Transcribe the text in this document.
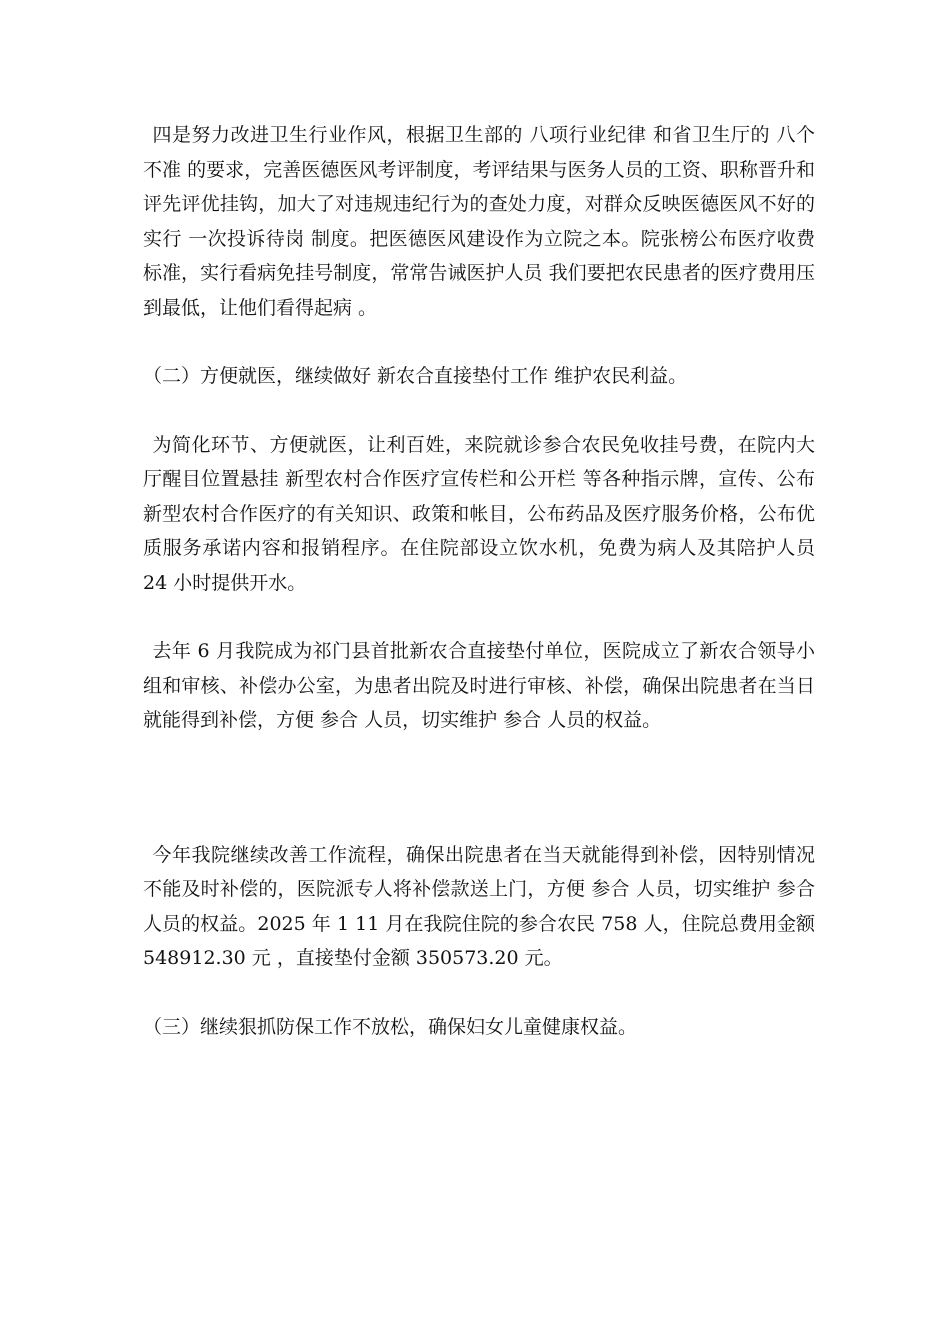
四是努力改进卫生行业作风，根据卫生部的 八项行业纪律 和省卫生厅的 八个不准 的要求，完善医德医风考评制度，考评结果与医务人员的工资、职称晋升和评先评优挂钩，加大了对违规违纪行为的查处力度，对群众反映医德医风不好的实行 一次投诉待岗 制度。把医德医风建设作为立院之本。院张榜公布医疗收费标准，实行看病免挂号制度，常常告诫医护人员 我们要把农民患者的医疗费用压到最低，让他们看得起病 。

（二）方便就医，继续做好 新农合直接垫付工作 维护农民利益。

为简化环节、方便就医，让利百姓，来院就诊参合农民免收挂号费，在院内大厅醒目位置悬挂 新型农村合作医疗宣传栏和公开栏 等各种指示牌，宣传、公布新型农村合作医疗的有关知识、政策和帐目，公布药品及医疗服务价格，公布优质服务承诺内容和报销程序。在住院部设立饮水机，免费为病人及其陪护人员 24 小时提供开水。

去年 6 月我院成为祁门县首批新农合直接垫付单位，医院成立了新农合领导小组和审核、补偿办公室，为患者出院及时进行审核、补偿，确保出院患者在当日就能得到补偿，方便 参合 人员，切实维护 参合 人员的权益。

今年我院继续改善工作流程，确保出院患者在当天就能得到补偿，因特别情况不能及时补偿的，医院派专人将补偿款送上门，方便 参合 人员，切实维护 参合 人员的权益。2025 年 1 11 月在我院住院的参合农民 758 人，住院总费用金额 548912.30 元 ，直接垫付金额 350573.20 元。

（三）继续狠抓防保工作不放松，确保妇女儿童健康权益。
